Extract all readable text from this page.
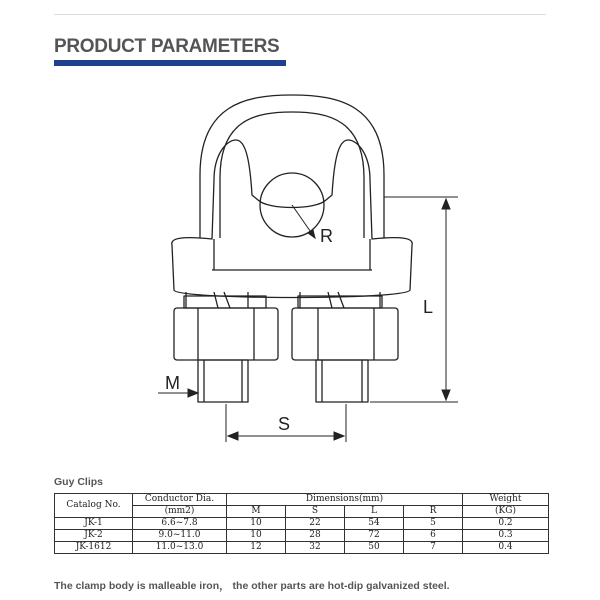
PRODUCT PARAMETERS
R
L
M
S
Guy Clips
Catalog No.	Conductor Dia.	Dimensions(mm)				Weight
	(mm2)	M	S	L	R	(KG)
JK-1	6.6~7.8	10	22	54	5	0.2
JK-2	9.0~11.0	10	28	72	6	0.3
JK-1612	11.0~13.0	12	32	50	7	0.4
The clamp body is malleable iron， the other parts are hot-dip galvanized steel.
